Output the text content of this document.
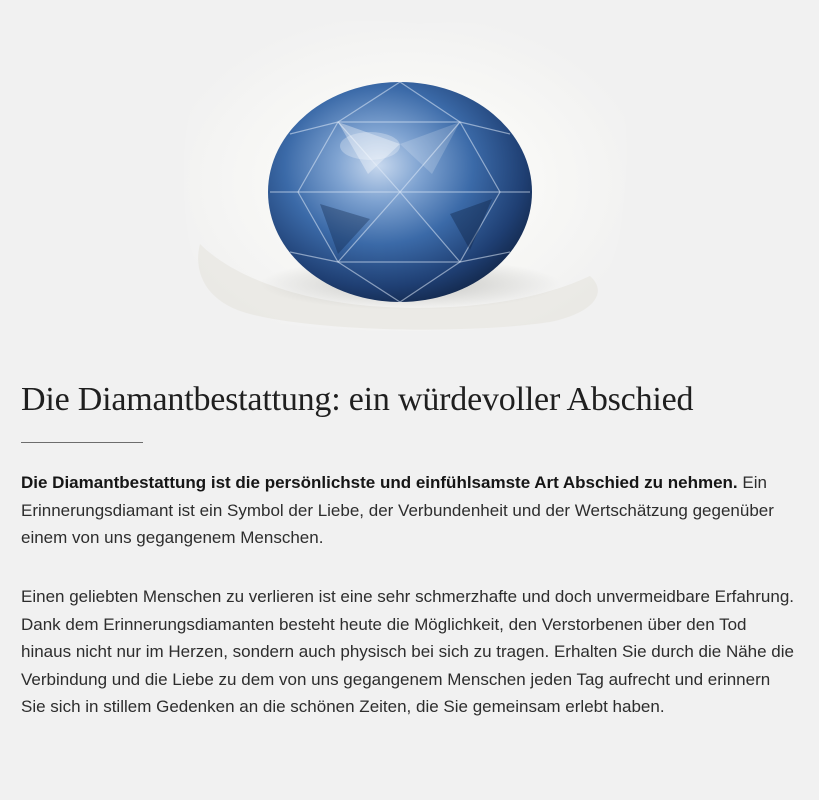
Die Diamantbestattung: ein würdevoller Abschied

Die Diamantbestattung ist die persönlichste und einfühlsamste Art Abschied zu nehmen. Ein Erinnerungsdiamant ist ein Symbol der Liebe, der Verbundenheit und der Wertschätzung gegenüber einem von uns gegangenem Menschen.

Einen geliebten Menschen zu verlieren ist eine sehr schmerzhafte und doch unvermeidbare Erfahrung. Dank dem Erinnerungsdiamanten besteht heute die Möglichkeit, den Verstorbenen über den Tod hinaus nicht nur im Herzen, sondern auch physisch bei sich zu tragen. Erhalten Sie durch die Nähe die Verbindung und die Liebe zu dem von uns gegangenem Menschen jeden Tag aufrecht und erinnern Sie sich in stillem Gedenken an die schönen Zeiten, die Sie gemeinsam erlebt haben.
